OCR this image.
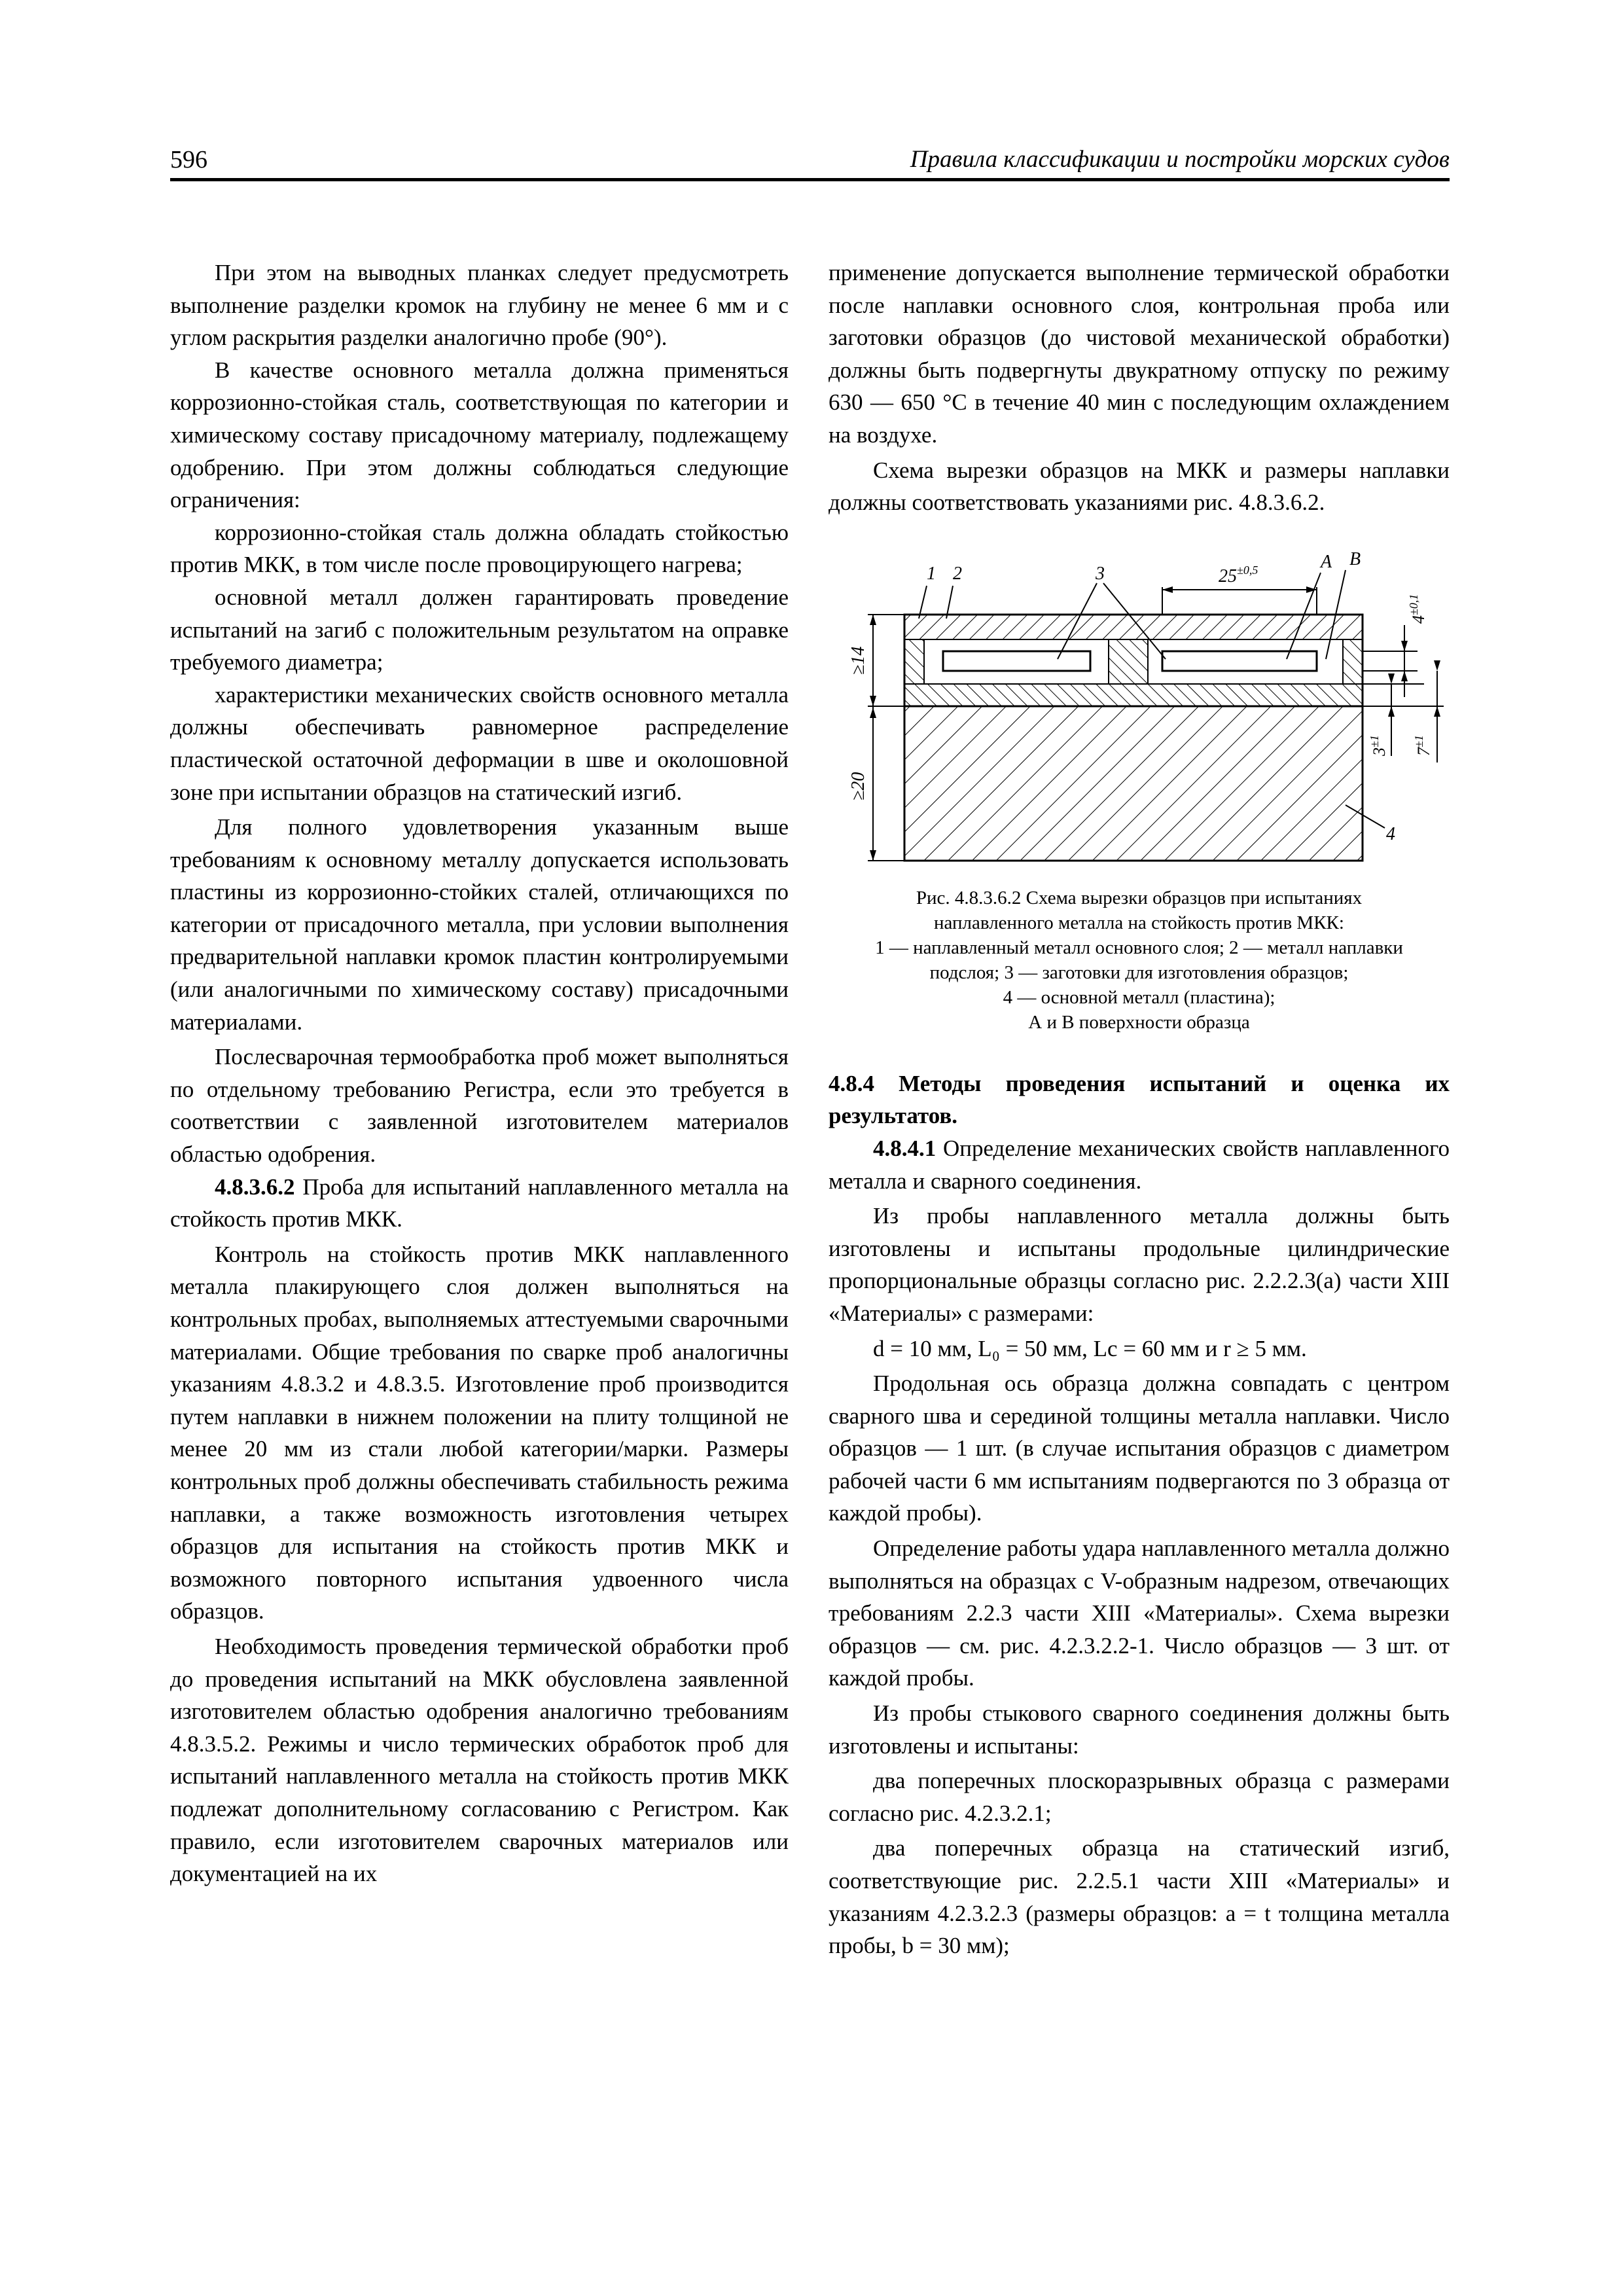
596	Правила классификации и постройки морских судов

При этом на выводных планках следует предусмотреть выполнение разделки кромок на глубину не менее 6 мм и с углом раскрытия разделки аналогично пробе (90°).

В качестве основного металла должна применяться коррозионно-стойкая сталь, соответствующая по категории и химическому составу присадочному материалу, подлежащему одобрению. При этом должны соблюдаться следующие ограничения:

коррозионно-стойкая сталь должна обладать стойкостью против МКК, в том числе после провоцирующего нагрева;

основной металл должен гарантировать проведение испытаний на загиб с положительным результатом на оправке требуемого диаметра;

характеристики механических свойств основного металла должны обеспечивать равномерное распределение пластической остаточной деформации в шве и околошовной зоне при испытании образцов на статический изгиб.

Для полного удовлетворения указанным выше требованиям к основному металлу допускается использовать пластины из коррозионно-стойких сталей, отличающихся по категории от присадочного металла, при условии выполнения предварительной наплавки кромок пластин контролируемыми (или аналогичными по химическому составу) присадочными материалами.

Послесварочная термообработка проб может выполняться по отдельному требованию Регистра, если это требуется в соответствии с заявленной изготовителем материалов областью одобрения.

4.8.3.6.2 Проба для испытаний наплавленного металла на стойкость против МКК.

Контроль на стойкость против МКК наплавленного металла плакирующего слоя должен выполняться на контрольных пробах, выполняемых аттестуемыми сварочными материалами. Общие требования по сварке проб аналогичны указаниям 4.8.3.2 и 4.8.3.5. Изготовление проб производится путем наплавки в нижнем положении на плиту толщиной не менее 20 мм из стали любой категории/марки. Размеры контрольных проб должны обеспечивать стабильность режима наплавки, а также возможность изготовления четырех образцов для испытания на стойкость против МКК и возможного повторного испытания удвоенного числа образцов.

Необходимость проведения термической обработки проб до проведения испытаний на МКК обусловлена заявленной изготовителем областью одобрения аналогично требованиям 4.8.3.5.2. Режимы и число термических обработок проб для испытаний наплавленного металла на стойкость против МКК подлежат дополнительному согласованию с Регистром. Как правило, если изготовителем сварочных материалов или документацией на их

применение допускается выполнение термической обработки после наплавки основного слоя, контрольная проба или заготовки образцов (до чистовой механической обработки) должны быть подвергнуты двукратному отпуску по режиму 630 — 650 °С в течение 40 мин с последующим охлаждением на воздухе.

Схема вырезки образцов на МКК и размеры наплавки должны соответствовать указаниями рис. 4.8.3.6.2.

1 2	3
A B
4
$25^{\pm 0,5}$
≥14
≥20
$4^{\pm 0,1}$
$3^{\pm 1}$
$7^{\pm 1}$
Рис. 4.8.3.6.2 Схема вырезки образцов при испытаниях
наплавленного металла на стойкость против МКК:
1 — наплавленный металл основного слоя; 2 — металл наплавки
подслоя; 3 — заготовки для изготовления образцов;
4 — основной металл (пластина);
А и В поверхности образца

4.8.4 Методы проведения испытаний и оценка их результатов.

4.8.4.1 Определение механических свойств наплавленного металла и сварного соединения.

Из пробы наплавленного металла должны быть изготовлены и испытаны продольные цилиндрические пропорциональные образцы согласно рис. 2.2.2.3(а) части XIII «Материалы» с размерами:

d = 10 мм, L₀ = 50 мм, Lс = 60 мм и r ≥ 5 мм.

Продольная ось образца должна совпадать с центром сварного шва и серединой толщины металла наплавки. Число образцов — 1 шт. (в случае испытания образцов с диаметром рабочей части 6 мм испытаниям подвергаются по 3 образца от каждой пробы).

Определение работы удара наплавленного металла должно выполняться на образцах с V-образным надрезом, отвечающих требованиям 2.2.3 части XIII «Материалы». Схема вырезки образцов — см. рис. 4.2.3.2.2-1. Число образцов — 3 шт. от каждой пробы.

Из пробы стыкового сварного соединения должны быть изготовлены и испытаны:

два поперечных плоскоразрывных образца с размерами согласно рис. 4.2.3.2.1;

два поперечных образца на статический изгиб, соответствующие рис. 2.2.5.1 части XIII «Материалы» и указаниям 4.2.3.2.3 (размеры образцов: а = t толщина металла пробы, b = 30 мм);
